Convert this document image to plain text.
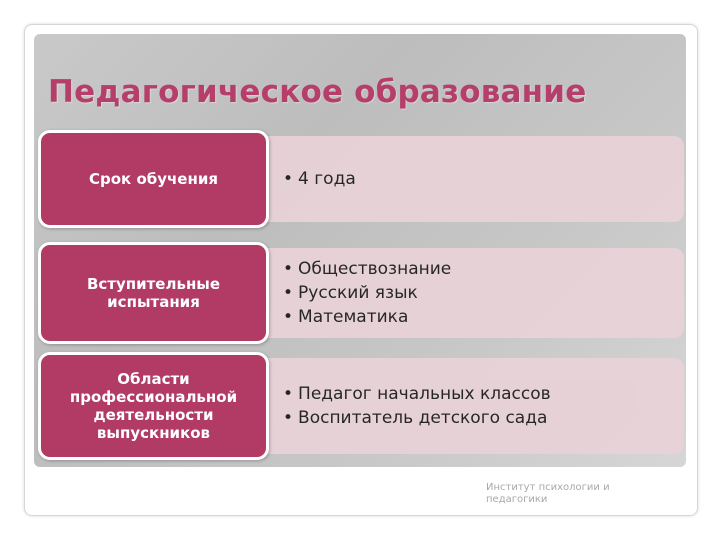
Педагогическое образование
Срок обучения

•	4 года

Вступительные
испытания

• Обществознание

• Русский язык

• Математика

Области
профессиональной
деятельности
выпускников

• Педагог начальных классов

• Воспитатель детского сада

Институт психологии и педагогики
